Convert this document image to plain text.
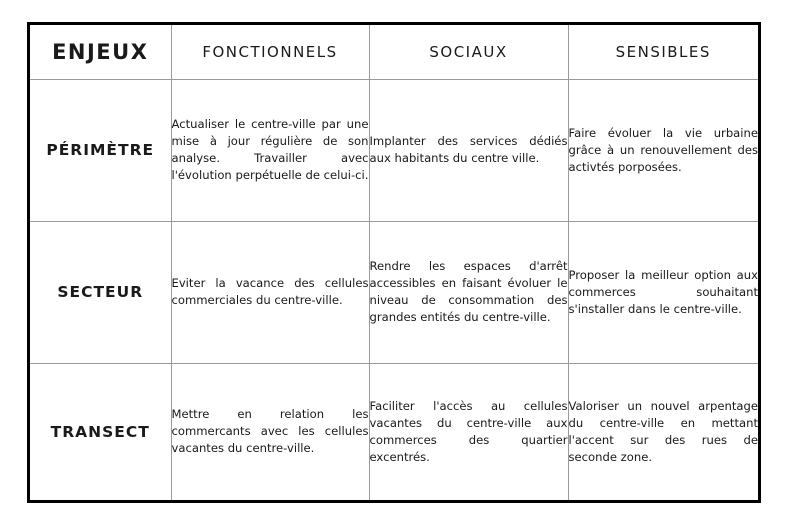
ENJEUX	FONCTIONNELS	SOCIAUX	SENSIBLES
PÉRIMÈTRE	Actualiser le centre-ville par une mise à jour régulière de son analyse. Travailler avec l'évolution perpétuelle de celui-ci.	Implanter des services dédiés aux habitants du centre ville.	Faire évoluer la vie urbaine grâce à un renouvellement des activtés porposées.

SECTEUR	Eviter la vacance des cellules commerciales du centre-ville.	Rendre les espaces d'arrêt accessibles en faisant évoluer le niveau de consommation des grandes entités du centre-ville.	Proposer la meilleur option aux commerces souhaitant s'installer dans le centre-ville.

TRANSECT	Mettre en relation les commercants avec les cellules vacantes du centre-ville.	Faciliter l'accès au cellules vacantes du centre-ville aux commerces des quartier excentrés.	Valoriser un nouvel arpentage du centre-ville en mettant l'accent sur des rues de seconde zone.
